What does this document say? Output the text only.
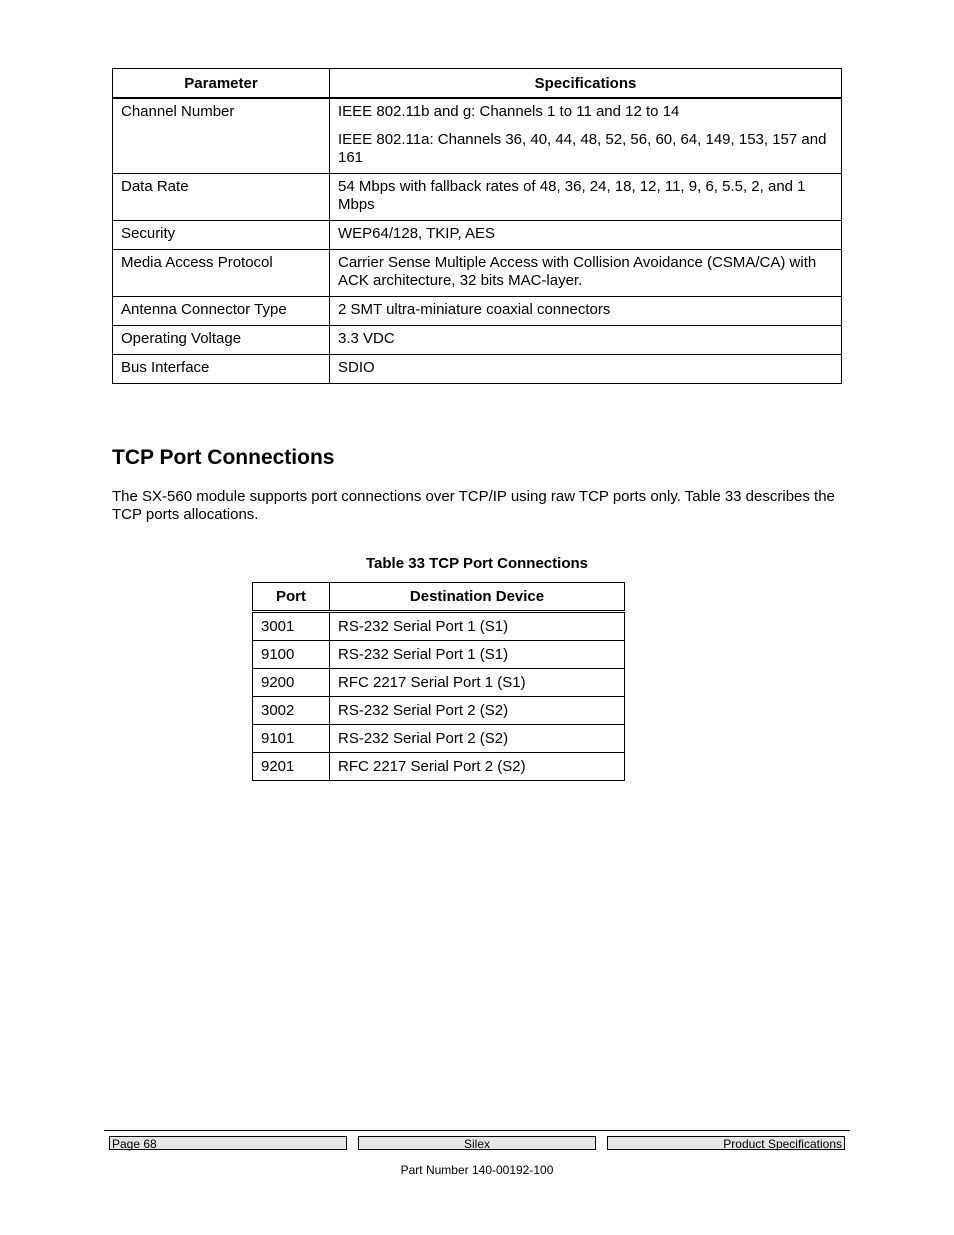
Parameter	Specifications
Channel Number	IEEE 802.11b and g: Channels 1 to 11 and 12 to 14

IEEE 802.11a: Channels 36, 40, 44, 48, 52, 56, 60, 64, 149, 153, 157 and 161

Data Rate	54 Mbps with fallback rates of 48, 36, 24, 18, 12, 11, 9, 6, 5.5, 2, and 1 Mbps

Security	WEP64/128, TKIP, AES

Media Access Protocol	Carrier Sense Multiple Access with Collision Avoidance (CSMA/CA) with ACK architecture, 32 bits MAC-layer.

Antenna Connector Type	2 SMT ultra-miniature coaxial connectors

Operating Voltage	3.3 VDC

Bus Interface	SDIO

TCP Port Connections

The SX-560 module supports port connections over TCP/IP using raw TCP ports only. Table 33 describes the TCP ports allocations.

Table 33 TCP Port Connections

Port	Destination Device
3001	RS-232 Serial Port 1 (S1)
9100	RS-232 Serial Port 1 (S1)
9200	RFC 2217 Serial Port 1 (S1)
3002	RS-232 Serial Port 2 (S2)
9101	RS-232 Serial Port 2 (S2)
9201	RFC 2217 Serial Port 2 (S2)
Page 68	Silex	Product Specifications
Part Number 140-00192-100
